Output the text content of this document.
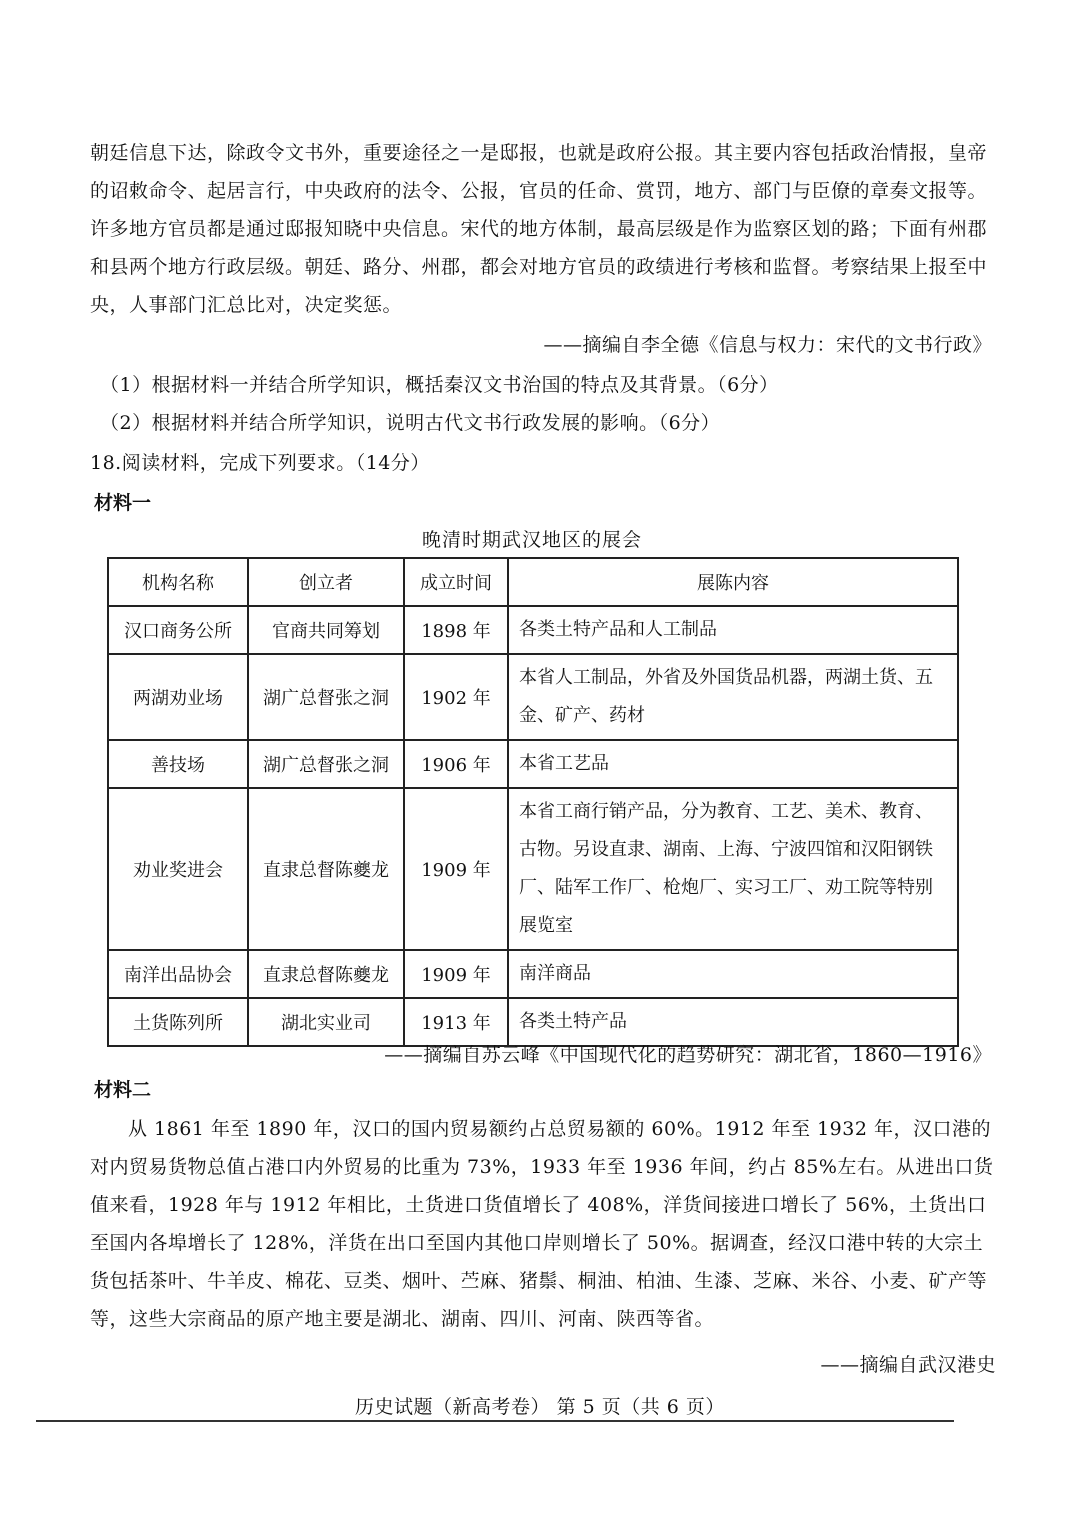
朝廷信息下达，除政令文书外，重要途径之一是邸报，也就是政府公报。其主要内容包括政治情报，皇帝的诏敕命令、起居言行，中央政府的法令、公报，官员的任命、赏罚，地方、部门与臣僚的章奏文报等。许多地方官员都是通过邸报知晓中央信息。宋代的地方体制，最高层级是作为监察区划的路；下面有州郡和县两个地方行政层级。朝廷、路分、州郡，都会对地方官员的政绩进行考核和监督。考察结果上报至中央，人事部门汇总比对，决定奖惩。
——摘编自李全德《信息与权力：宋代的文书行政》
（1）根据材料一并结合所学知识，概括秦汉文书治国的特点及其背景。（6分）
（2）根据材料并结合所学知识，说明古代文书行政发展的影响。（6分）
18.阅读材料，完成下列要求。（14分）
材料一
晚清时期武汉地区的展会
机构名称	创立者	成立时间	展陈内容
汉口商务公所	官商共同筹划	1898 年	各类土特产品和人工制品
两湖劝业场	湖广总督张之洞	1902 年	本省人工制品，外省及外国货品机器，两湖土货、五金、矿产、药材
善技场	湖广总督张之洞	1906 年	本省工艺品
劝业奖进会	直隶总督陈夔龙	1909 年	本省工商行销产品，分为教育、工艺、美术、教育、古物。另设直隶、湖南、上海、宁波四馆和汉阳钢铁厂、陆军工作厂、枪炮厂、实习工厂、劝工院等特别展览室
南洋出品协会	直隶总督陈夔龙	1909 年	南洋商品
土货陈列所	湖北实业司	1913 年	各类土特产品
——摘编自苏云峰《中国现代化的趋势研究：湖北省，1860—1916》
材料二
从 1861 年至 1890 年，汉口的国内贸易额约占总贸易额的 60%。1912 年至 1932 年，汉口港的对内贸易货物总值占港口内外贸易的比重为 73%，1933 年至 1936 年间，约占 85%左右。从进出口货值来看，1928 年与 1912 年相比，土货进口货值增长了 408%，洋货间接进口增长了 56%，土货出口至国内各埠增长了 128%，洋货在出口至国内其他口岸则增长了 50%。据调查，经汉口港中转的大宗土货包括茶叶、牛羊皮、棉花、豆类、烟叶、苎麻、猪鬃、桐油、柏油、生漆、芝麻、米谷、小麦、矿产等等，这些大宗商品的原产地主要是湖北、湖南、四川、河南、陕西等省。
——摘编自武汉港史
历史试题（新高考卷） 第 5 页（共 6 页）
